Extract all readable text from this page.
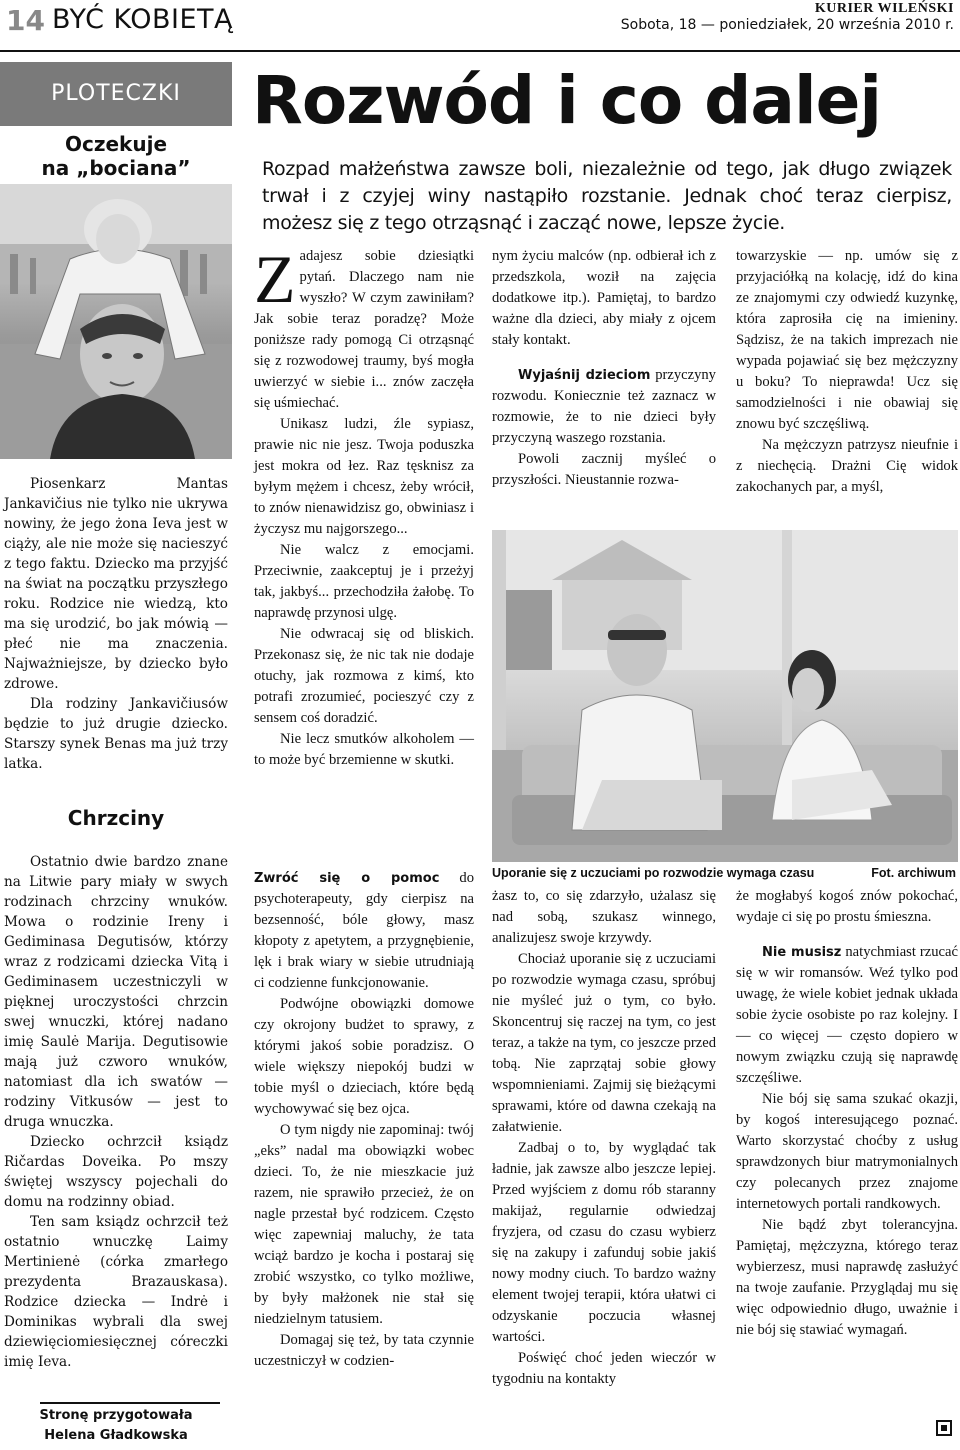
14 BYĆ KOBIETĄ	KURIER WILEŃSKI
Sobota, 18 — poniedziałek, 20 września 2010 r.
PLOTECZKI
Oczekuje
na „bociana”

Piosenkarz Mantas Jankavičius nie tylko nie ukrywa nowiny, że jego żona Ieva jest w ciąży, ale nie może się nacieszyć z tego faktu. Dziecko ma przyjść na świat na początku przyszłego roku. Rodzice nie wiedzą, kto ma się urodzić, bo jak mówią — płeć nie ma znaczenia. Najważniejsze, by dziecko było zdrowe.

Dla rodziny Jankavičiusów będzie to już drugie dziecko. Starszy synek Benas ma już trzy latka.

Chrzciny

Ostatnio dwie bardzo znane na Litwie pary miały w swych rodzinach chrzciny wnuków. Mowa o rodzinie Ireny i Gediminasa Degutisów, którzy wraz z rodzicami dziecka Vitą i Gediminasem uczestniczyli w pięknej uroczystości chrzcin swej wnuczki, której nadano imię Saulė Marija. Degutisowie mają już czworo wnuków, natomiast dla ich swatów — rodziny Vitkusów — jest to druga wnuczka.

Dziecko ochrzcił ksiądz Ričardas Doveika. Po mszy świętej wszyscy pojechali do domu na rodzinny obiad.

Ten sam ksiądz ochrzcił też ostatnio wnuczkę Laimy Mertinienė (córka zmarłego prezydenta Brazauskasa). Rodzice dziecka — Indrė i Dominikas wybrali dla swej dziewięciomiesięcznej córeczki imię Ieva.

Stronę przygotowała
Helena Gładkowska
Rozwód i co dalej
Rozpad małżeństwa zawsze boli, niezależnie od tego, jak długo związek trwał i z czyjej winy nastąpiło rozstanie. Jednak choć teraz cierpisz, możesz się z tego otrząsnąć i zacząć nowe, lepsze życie.

Zadajesz sobie dziesiątki pytań. Dlaczego nam nie wyszło? W czym zawiniłam? Jak sobie teraz poradzę? Może poniższe rady pomogą Ci otrząsnąć się z rozwodowej traumy, byś mogła uwierzyć w siebie i... znów zaczęła się uśmiechać.

Unikasz ludzi, źle sypiasz, prawie nic nie jesz. Twoja poduszka jest mokra od łez. Raz tęsknisz za byłym mężem i chcesz, żeby wrócił, to znów nienawidzisz go, obwiniasz i życzysz mu najgorszego...

Nie walcz z emocjami. Przeciwnie, zaakceptuj je i przeżyj tak, jakbyś... przechodziła żałobę. To naprawdę przynosi ulgę.

Nie odwracaj się od bliskich. Przekonasz się, że nic tak nie dodaje otuchy, jak rozmowa z kimś, kto potrafi zrozumieć, pocieszyć czy z sensem coś doradzić.

Nie lecz smutków alkoholem — to może być brzemienne w skutki.

Zwróć się o pomoc do psychoterapeuty, gdy cierpisz na bezsenność, bóle głowy, masz kłopoty z apetytem, a przygnębienie, lęk i brak wiary w siebie utrudniają ci codzienne funkcjonowanie.

Podwójne obowiązki domowe czy okrojony budżet to sprawy, z którymi jakoś sobie poradzisz. O wiele większy niepokój budzi w tobie myśl o dzieciach, które będą wychowywać się bez ojca.

O tym nigdy nie zapominaj: twój „eks” nadal ma obowiązki wobec dzieci. To, że nie mieszkacie już razem, nie sprawiło przecież, że on nagle przestał być rodzicem. Często więc zapewniaj maluchy, że tata wciąż bardzo je kocha i postaraj się zrobić wszystko, co tylko możliwe, by były małżonek nie stał się niedzielnym tatusiem.

Domagaj się też, by tata czynnie uczestniczył w codzien-

nym życiu malców (np. odbierał ich z przedszkola, woził na zajęcia dodatkowe itp.). Pamiętaj, to bardzo ważne dla dzieci, aby miały z ojcem stały kontakt.

Wyjaśnij dzieciom przyczyny rozwodu. Koniecznie też zaznacz w rozmowie, że to nie dzieci były przyczyną waszego rozstania.

Powoli zacznij myśleć o przyszłości. Nieustannie rozwa-

towarzyskie — np. umów się z przyjaciółką na kolację, idź do kina ze znajomymi czy odwiedź kuzynkę, która zaprosiła cię na imieniny. Sądzisz, że na takich imprezach nie wypada pojawiać się bez mężczyzny u boku? To nieprawda! Ucz się samodzielności i nie obawiaj się znowu być szczęśliwą.

Na mężczyzn patrzysz nieufnie i z niechęcią. Drażni Cię widok zakochanych par, a myśl,

Uporanie się z uczuciami po rozwodzie wymaga czasu	Fot. archiwum

żasz to, co się zdarzyło, użalasz się nad sobą, szukasz winnego, analizujesz swoje krzywdy.

Chociaż uporanie się z uczuciami po rozwodzie wymaga czasu, spróbuj nie myśleć już o tym, co było. Skoncentruj się raczej na tym, co jest teraz, a także na tym, co jeszcze przed tobą. Nie zaprzątaj sobie głowy wspomnieniami. Zajmij się bieżącymi sprawami, które od dawna czekają na załatwienie.

Zadbaj o to, by wyglądać tak ładnie, jak zawsze albo jeszcze lepiej. Przed wyjściem z domu rób staranny makijaż, regularnie odwiedzaj fryzjera, od czasu do czasu wybierz się na zakupy i zafunduj sobie jakiś nowy modny ciuch. To bardzo ważny element twojej terapii, która ułatwi ci odzyskanie poczucia własnej wartości.

Poświęć choć jeden wieczór w tygodniu na kontakty

że mogłabyś kogoś znów pokochać, wydaje ci się po prostu śmieszna.

Nie musisz natychmiast rzucać się w wir romansów. Weź tylko pod uwagę, że wiele kobiet jednak układa sobie życie osobiste po raz kolejny. I — co więcej — często dopiero w nowym związku czują się naprawdę szczęśliwe.

Nie bój się sama szukać okazji, by kogoś interesującego poznać. Warto skorzystać choćby z usług sprawdzonych biur matrymonialnych czy polecanych przez znajome internetowych portali randkowych.

Nie bądź zbyt tolerancyjna. Pamiętaj, mężczyzna, którego teraz wybierzesz, musi naprawdę zasłużyć na twoje zaufanie. Przyglądaj mu się więc odpowiednio długo, uważnie i nie bój się stawiać wymagań.
